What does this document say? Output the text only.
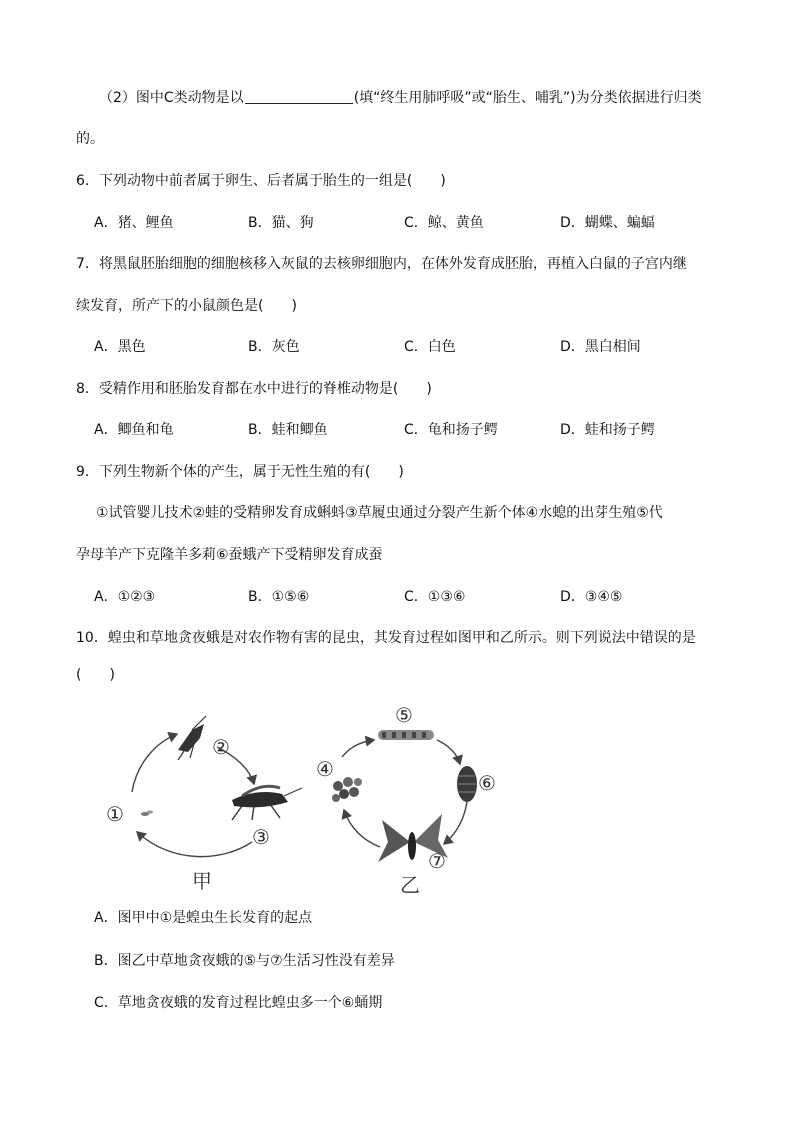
（2）图中C类动物是以	(填“终生用肺呼吸”或“胎生、哺乳”)为分类依据进行归类
的。
6．下列动物中前者属于卵生、后者属于胎生的一组是( )
A．猪、鲤鱼	B．猫、狗	C．鲸、黄鱼	D．蝴蝶、蝙蝠
7．将黑鼠胚胎细胞的细胞核移入灰鼠的去核卵细胞内，在体外发育成胚胎，再植入白鼠的子宫内继
续发育，所产下的小鼠颜色是( )
A．黑色	B．灰色	C．白色	D．黑白相间
8．受精作用和胚胎发育都在水中进行的脊椎动物是( )
A．鲫鱼和龟	B．蛙和鲫鱼	C．龟和扬子鳄	D．蛙和扬子鳄
9．下列生物新个体的产生，属于无性生殖的有( )
①试管婴儿技术②蛙的受精卵发育成蝌蚪③草履虫通过分裂产生新个体④水螅的出芽生殖⑤代
孕母羊产下克隆羊多莉⑥蚕蛾产下受精卵发育成蚕
A．①②③	B．①⑤⑥	C．①③⑥	D．③④⑤
10．蝗虫和草地贪夜蛾是对农作物有害的昆虫，其发育过程如图甲和乙所示。则下列说法中错误的是
( )
①
②
③
甲
④
⑤
⑥
⑦
乙
A．图甲中①是蝗虫生长发育的起点
B．图乙中草地贪夜蛾的⑤与⑦生活习性没有差异
C．草地贪夜蛾的发育过程比蝗虫多一个⑥蛹期
